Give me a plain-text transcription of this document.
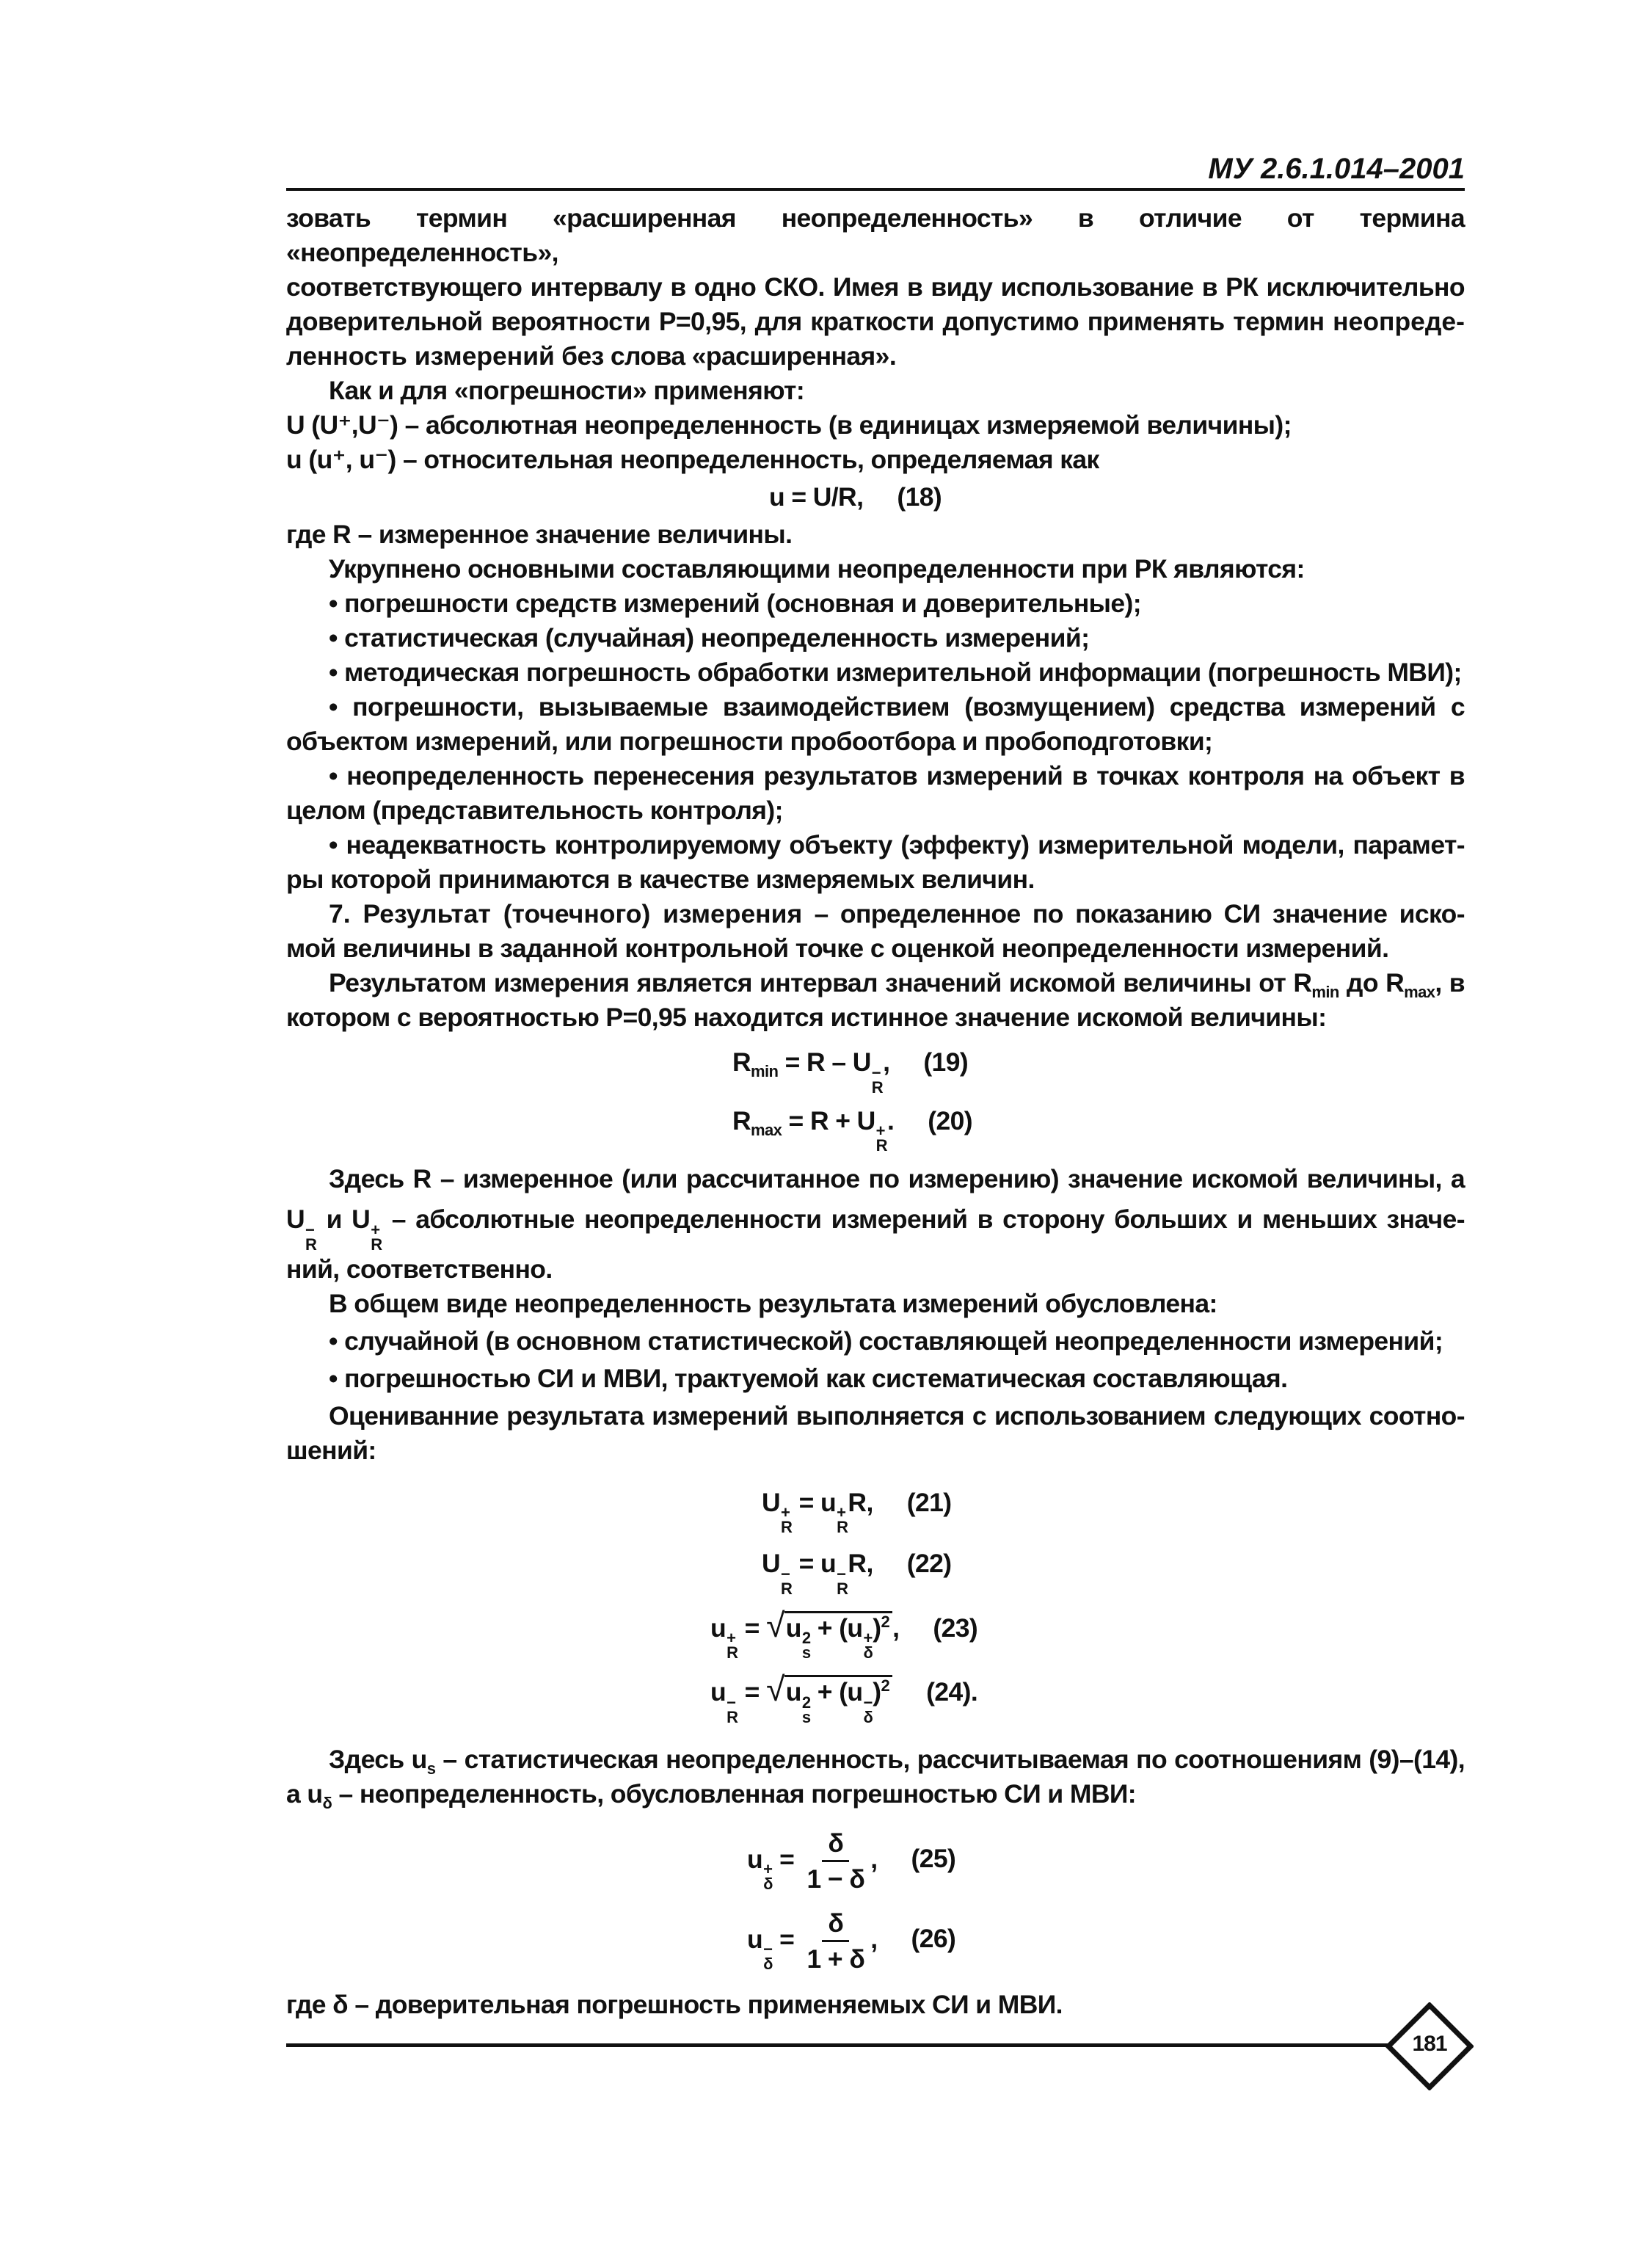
МУ 2.6.1.014–2001

зовать термин «расширенная неопределенность» в отличие от термина «неопределенность»,

соответствующего интервалу в одно СКО. Имея в виду использование в РК исключительно

доверительной вероятности Р=0,95, для краткости допустимо применять термин неопреде-

ленность измерений без слова «расширенная».

Как и для «погрешности» применяют:

U (U⁺,U⁻) – абсолютная неопределенность (в единицах измеряемой величины);

u (u⁺, u⁻) – относительная неопределенность, определяемая как

u = U/R, (18)

где R – измеренное значение величины.

Укрупнено основными составляющими неопределенности при РК являются:

• погрешности средств измерений (основная и доверительные);

• статистическая (случайная) неопределенность измерений;

• методическая погрешность обработки измерительной информации (погрешность МВИ);

• погрешности, вызываемые взаимодействием (возмущением) средства измерений с

объектом измерений, или погрешности пробоотбора и пробоподготовки;

• неопределенность перенесения результатов измерений в точках контроля на объект в

целом (представительность контроля);

• неадекватность контролируемому объекту (эффекту) измерительной модели, парамет-

ры которой принимаются в качестве измеряемых величин.

7. Результат (точечного) измерения – определенное по показанию СИ значение иско-

мой величины в заданной контрольной точке с оценкой неопределенности измерений.

Результатом измерения является интервал значений искомой величины от $R_{min}$ до $R_{max}$, в

котором с вероятностью Р=0,95 находится истинное значение искомой величины:

$R_{min} = R - U$ −
R
, (19)

$R_{max} = R + U$ +
R
. (20)

Здесь R – измеренное (или рассчитанное по измерению) значение искомой величины, а

U −
R
и U +
R
– абсолютные неопределенности измерений в сторону больших и меньших значе-

ний, соответственно.

В общем виде неопределенность результата измерений обусловлена:

• случайной (в основном статистической) составляющей неопределенности измерений;

• погрешностью СИ и МВИ, трактуемой как систематическая составляющая.

Оцениванние результата измерений выполняется с использованием следующих соотно-

шений:

U +
R
= u +
R
R, (21)

U −
R
= u −
R
R, (22)

u +
R
= √u 2
s
+ (u +
δ
)$^2$ , (23)

u −
R
= √u 2
s
+ (u −
δ
)$^2$ (24).

Здесь $u_s$ – статистическая неопределенность, рассчитываемая по соотношениям (9)–(14),

а $u_\delta$ – неопределенность, обусловленная погрешностью СИ и МВИ:

u +
δ
= $\frac{\delta}{1 - \delta}$ , (25)

u −
δ
= $\frac{\delta}{1 + \delta}$ , (26)

где δ – доверительная погрешность применяемых СИ и МВИ.

181
